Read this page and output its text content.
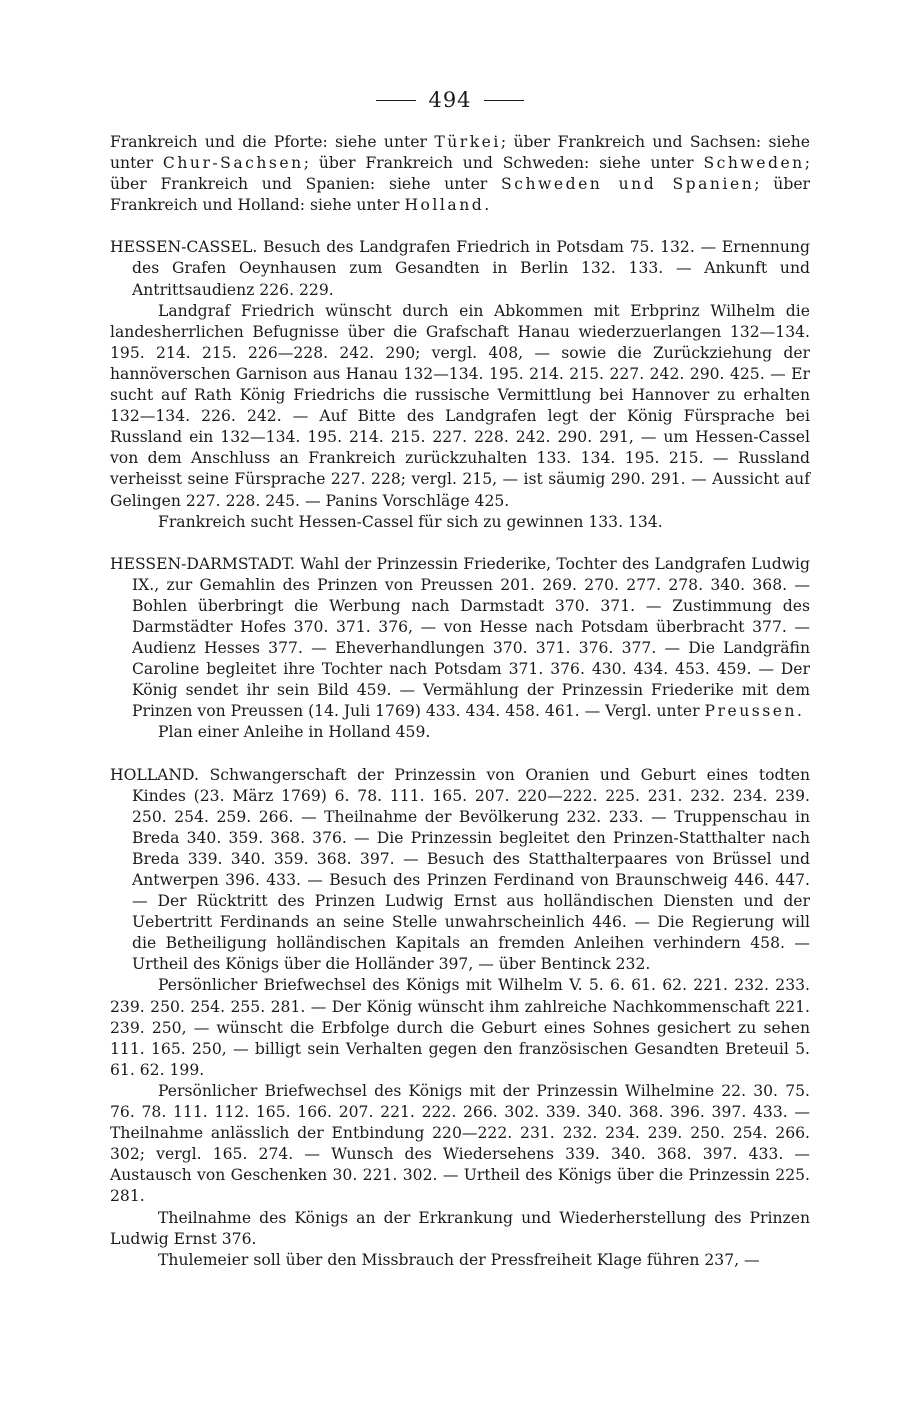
494

Frankreich und die Pforte: siehe unter Türkei; über Frankreich und Sachsen: siehe unter Chur-Sachsen; über Frankreich und Schweden: siehe unter Schweden; über Frankreich und Spanien: siehe unter Schweden und Spanien; über Frankreich und Holland: siehe unter Holland.

HESSEN-CASSEL. Besuch des Landgrafen Friedrich in Potsdam 75. 132. — Ernennung des Grafen Oeynhausen zum Gesandten in Berlin 132. 133. — Ankunft und Antrittsaudienz 226. 229.

Landgraf Friedrich wünscht durch ein Abkommen mit Erbprinz Wilhelm die landesherrlichen Befugnisse über die Grafschaft Hanau wiederzuerlangen 132—134. 195. 214. 215. 226—228. 242. 290; vergl. 408, — sowie die Zurückziehung der hannöverschen Garnison aus Hanau 132—134. 195. 214. 215. 227. 242. 290. 425. — Er sucht auf Rath König Friedrichs die russische Vermittlung bei Hannover zu erhalten 132—134. 226. 242. — Auf Bitte des Landgrafen legt der König Fürsprache bei Russland ein 132—134. 195. 214. 215. 227. 228. 242. 290. 291, — um Hessen-Cassel von dem Anschluss an Frankreich zurückzuhalten 133. 134. 195. 215. — Russland verheisst seine Fürsprache 227. 228; vergl. 215, — ist säumig 290. 291. — Aussicht auf Gelingen 227. 228. 245. — Panins Vorschläge 425.

Frankreich sucht Hessen-Cassel für sich zu gewinnen 133. 134.

HESSEN-DARMSTADT. Wahl der Prinzessin Friederike, Tochter des Landgrafen Ludwig IX., zur Gemahlin des Prinzen von Preussen 201. 269. 270. 277. 278. 340. 368. — Bohlen überbringt die Werbung nach Darmstadt 370. 371. — Zustimmung des Darmstädter Hofes 370. 371. 376, — von Hesse nach Potsdam überbracht 377. — Audienz Hesses 377. — Eheverhandlungen 370. 371. 376. 377. — Die Landgräfin Caroline begleitet ihre Tochter nach Potsdam 371. 376. 430. 434. 453. 459. — Der König sendet ihr sein Bild 459. — Vermählung der Prinzessin Friederike mit dem Prinzen von Preussen (14. Juli 1769) 433. 434. 458. 461. — Vergl. unter Preussen.

Plan einer Anleihe in Holland 459.

HOLLAND. Schwangerschaft der Prinzessin von Oranien und Geburt eines todten Kindes (23. März 1769) 6. 78. 111. 165. 207. 220—222. 225. 231. 232. 234. 239. 250. 254. 259. 266. — Theilnahme der Bevölkerung 232. 233. — Truppenschau in Breda 340. 359. 368. 376. — Die Prinzessin begleitet den Prinzen-Statthalter nach Breda 339. 340. 359. 368. 397. — Besuch des Statthalterpaares von Brüssel und Antwerpen 396. 433. — Besuch des Prinzen Ferdinand von Braunschweig 446. 447. — Der Rücktritt des Prinzen Ludwig Ernst aus holländischen Diensten und der Uebertritt Ferdinands an seine Stelle unwahrscheinlich 446. — Die Regierung will die Betheiligung holländischen Kapitals an fremden Anleihen verhindern 458. — Urtheil des Königs über die Holländer 397, — über Bentinck 232.

Persönlicher Briefwechsel des Königs mit Wilhelm V. 5. 6. 61. 62. 221. 232. 233. 239. 250. 254. 255. 281. — Der König wünscht ihm zahlreiche Nachkommenschaft 221. 239. 250, — wünscht die Erbfolge durch die Geburt eines Sohnes gesichert zu sehen 111. 165. 250, — billigt sein Verhalten gegen den französischen Gesandten Breteuil 5. 61. 62. 199.

Persönlicher Briefwechsel des Königs mit der Prinzessin Wilhelmine 22. 30. 75. 76. 78. 111. 112. 165. 166. 207. 221. 222. 266. 302. 339. 340. 368. 396. 397. 433. — Theilnahme anlässlich der Entbindung 220—222. 231. 232. 234. 239. 250. 254. 266. 302; vergl. 165. 274. — Wunsch des Wiedersehens 339. 340. 368. 397. 433. — Austausch von Geschenken 30. 221. 302. — Urtheil des Königs über die Prinzessin 225. 281.

Theilnahme des Königs an der Erkrankung und Wiederherstellung des Prinzen Ludwig Ernst 376.

Thulemeier soll über den Missbrauch der Pressfreiheit Klage führen 237, —
